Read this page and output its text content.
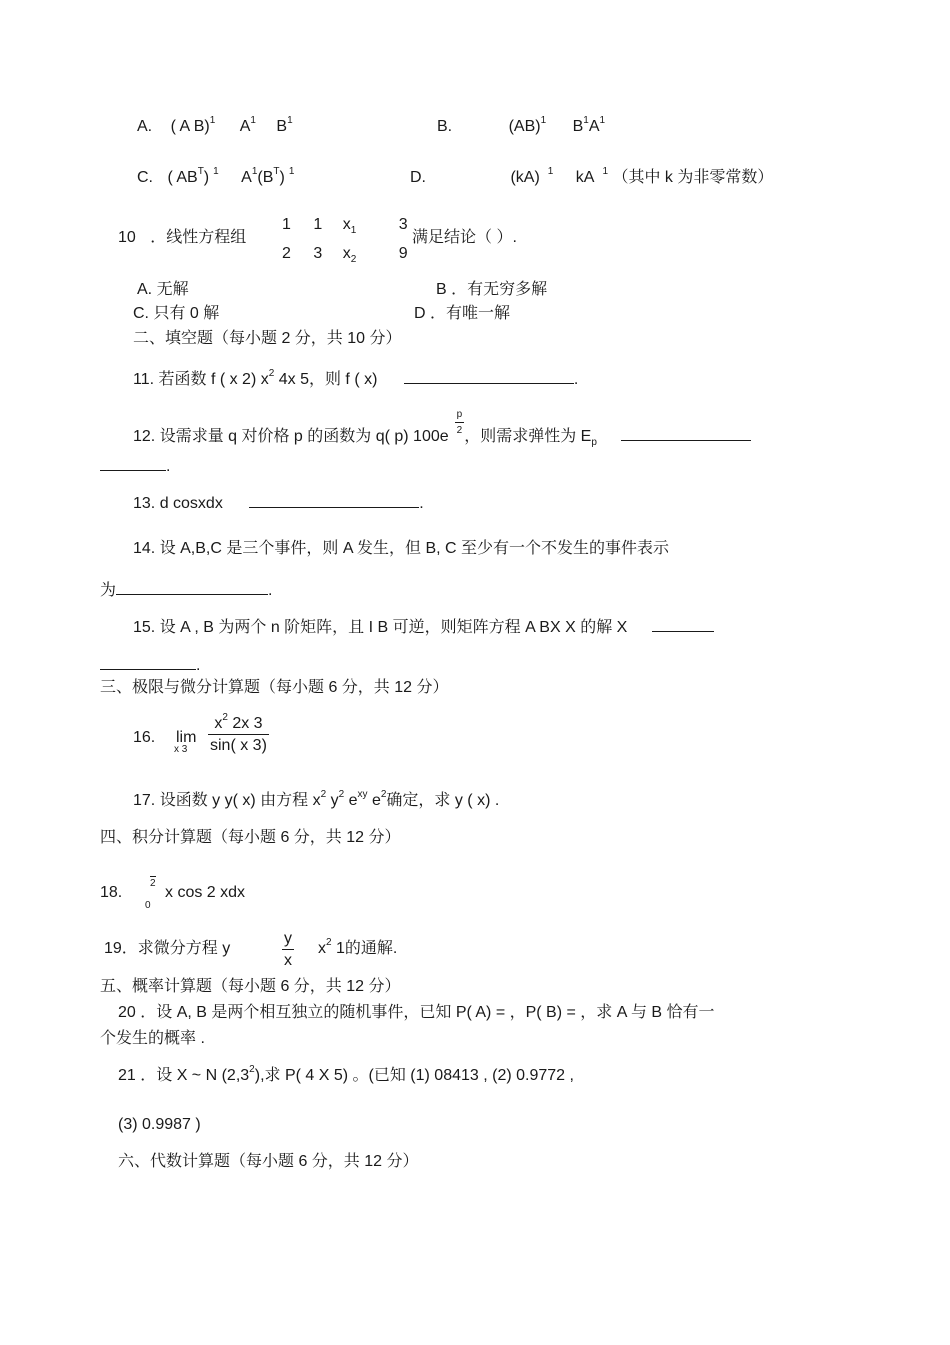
A. ( A B)$^1$ $A^1$ $B^1$	B.	(AB)$^1$ $B^1A^1$
C. ( $AB^T$) $^1$ $A^1(B^T)$ $^1$	D.	(kA) $^1$ kA $^1$ （其中 k 为非零常数）
10 ．线性方程组
1 1 $x_1$	3
2 3 $x_2$	9
满足结论（ ）.
A. 无解	B ．有无穷多解
C. 只有 0 解	D ．有唯一解
二、填空题（每小题 2 分，共 10 分）
11. 若函数 f ( x 2) $x^2$ 4x 5，则 f ( x)	.
12. 设需求量 q 对价格 p 的函数为 q( p) 100e
$\frac{p}{2}$
，则需求弹性为 $E_p$
.
13. d cosxdx	.
14. 设 A,B,C 是三个事件，则 A 发生，但 B, C 至少有一个不发生的事件表示
为	.
15. 设 A , B 为两个 n 阶矩阵，且 I B 可逆，则矩阵方程 A BX X 的解 X
.
三、极限与微分计算题（每小题 6 分，共 12 分）
16. lim
x $3 \frac{x^2 2x 3}{\sin( x 3)}$
17. 设函数 y y( x) 由方程 $x^2$ $y^2$ $e^{xy}$ $e^2$确定，求 y ( x) .
四、积分计算题（每小题 6 分，共 12 分）
18.
2
0
x cos 2 xdx
19．求微分方程 y	$\frac{y}{x} x^2$ 1的通解.
五、概率计算题（每小题 6 分，共 12 分）
20 ．设 A, B 是两个相互独立的随机事件，已知 P( A) = ，P( B) = ，求 A 与 B 恰有一
个发生的概率 .
21 ．设 X ~ N $(2,3^2)$,求 P( 4 X 5) 。(已知 (1) 08413 , (2) 0.9772 ,
(3) 0.9987 )
六、代数计算题（每小题 6 分，共 12 分）
